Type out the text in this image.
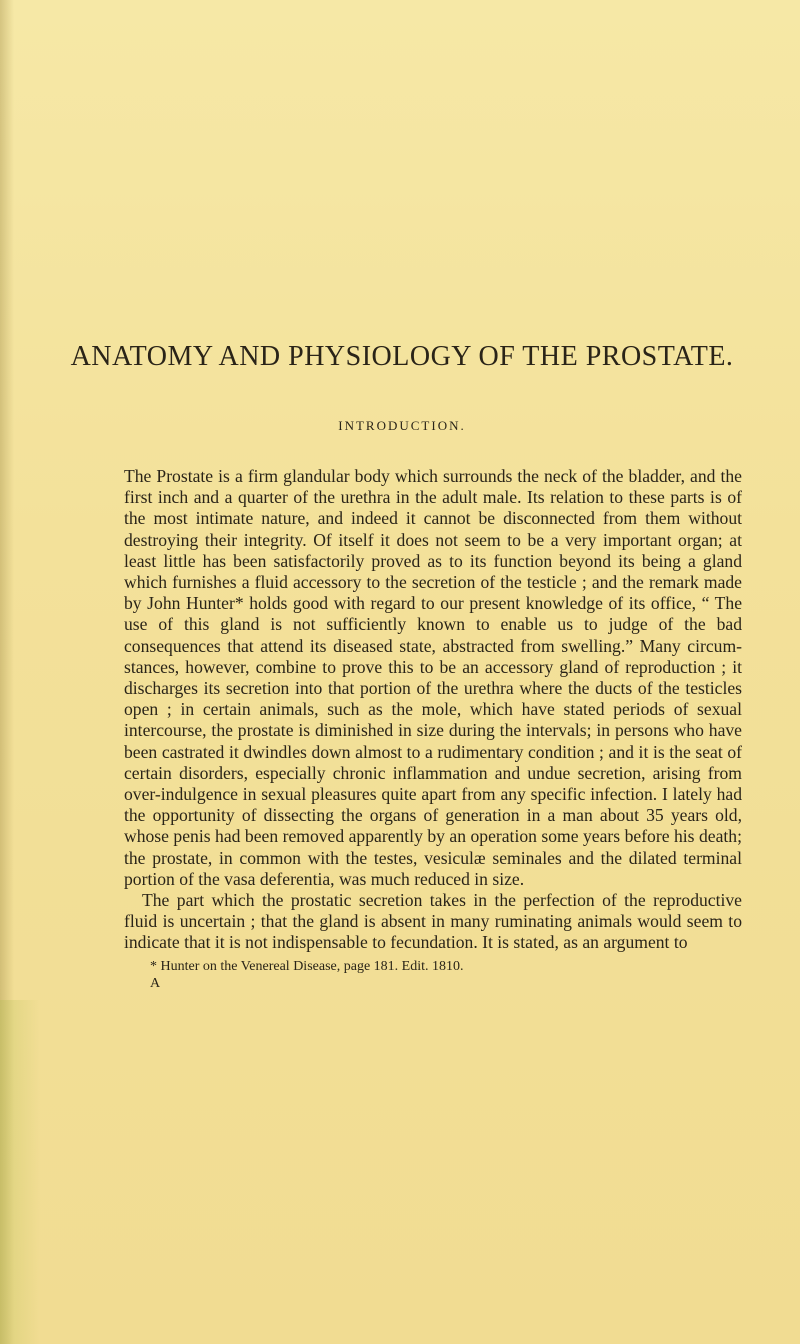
ANATOMY AND PHYSIOLOGY OF THE PROSTATE.
INTRODUCTION.

The Prostate is a firm glandular body which surrounds the neck of the bladder, and the first inch and a quarter of the urethra in the adult male. Its relation to these parts is of the most intimate nature, and indeed it cannot be disconnected from them without destroying their integrity. Of itself it does not seem to be a very important organ; at least little has been satisfactorily proved as to its function beyond its being a gland which furnishes a fluid accessory to the secretion of the testicle ; and the remark made by John Hunter* holds good with regard to our present knowledge of its office, “ The use of this gland is not sufficiently known to enable us to judge of the bad consequences that attend its diseased state, abstracted from swelling.” Many circum-stances, however, combine to prove this to be an accessory gland of reproduction ; it discharges its secretion into that portion of the urethra where the ducts of the testicles open ; in certain animals, such as the mole, which have stated periods of sexual intercourse, the prostate is diminished in size during the intervals; in persons who have been castrated it dwindles down almost to a rudimentary condition ; and it is the seat of certain disorders, especially chronic inflammation and undue secretion, arising from over-indulgence in sexual pleasures quite apart from any specific infection. I lately had the opportunity of dissecting the organs of generation in a man about 35 years old, whose penis had been removed apparently by an operation some years before his death; the prostate, in common with the testes, vesiculæ seminales and the dilated terminal portion of the vasa deferentia, was much reduced in size.

The part which the prostatic secretion takes in the perfection of the reproductive fluid is uncertain ; that the gland is absent in many ruminating animals would seem to indicate that it is not indispensable to fecundation. It is stated, as an argument to

* Hunter on the Venereal Disease, page 181. Edit. 1810.
A
